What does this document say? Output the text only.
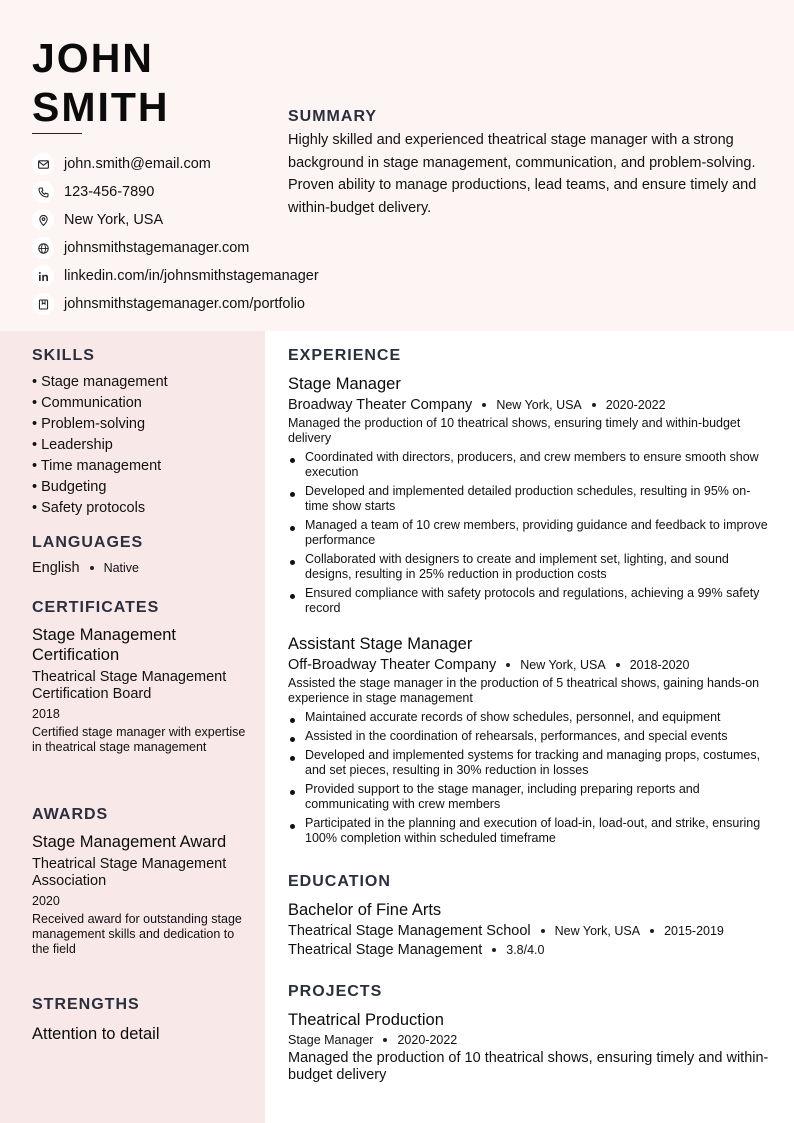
JOHN
SMITH
john.smith@email.com
123-456-7890
New York, USA
johnsmithstagemanager.com
linkedin.com/in/johnsmithstagemanager
johnsmithstagemanager.com/portfolio
SUMMARY

Highly skilled and experienced theatrical stage manager with a strong background in stage management, communication, and problem-solving. Proven ability to manage productions, lead teams, and ensure timely and within-budget delivery.

SKILLS
• Stage management
• Communication
• Problem-solving
• Leadership
• Time management
• Budgeting
• Safety protocols
LANGUAGES
English Native
CERTIFICATES
Stage Management Certification
Theatrical Stage Management Certification Board
2018
Certified stage manager with expertise in theatrical stage management
AWARDS
Stage Management Award
Theatrical Stage Management Association
2020
Received award for outstanding stage management skills and dedication to the field
STRENGTHS
Attention to detail
EXPERIENCE
Stage Manager
Broadway Theater Company New York, USA 2020-2022
Managed the production of 10 theatrical shows, ensuring timely and within-budget delivery
Coordinated with directors, producers, and crew members to ensure smooth show execution
Developed and implemented detailed production schedules, resulting in 95% on-time show starts
Managed a team of 10 crew members, providing guidance and feedback to improve performance
Collaborated with designers to create and implement set, lighting, and sound designs, resulting in 25% reduction in production costs
Ensured compliance with safety protocols and regulations, achieving a 99% safety record
Assistant Stage Manager
Off-Broadway Theater Company New York, USA 2018-2020
Assisted the stage manager in the production of 5 theatrical shows, gaining hands-on experience in stage management
Maintained accurate records of show schedules, personnel, and equipment
Assisted in the coordination of rehearsals, performances, and special events
Developed and implemented systems for tracking and managing props, costumes, and set pieces, resulting in 30% reduction in losses
Provided support to the stage manager, including preparing reports and communicating with crew members
Participated in the planning and execution of load-in, load-out, and strike, ensuring 100% completion within scheduled timeframe
EDUCATION
Bachelor of Fine Arts
Theatrical Stage Management School New York, USA 2015-2019
Theatrical Stage Management 3.8/4.0
PROJECTS
Theatrical Production
Stage Manager 2020-2022
Managed the production of 10 theatrical shows, ensuring timely and within-budget delivery
